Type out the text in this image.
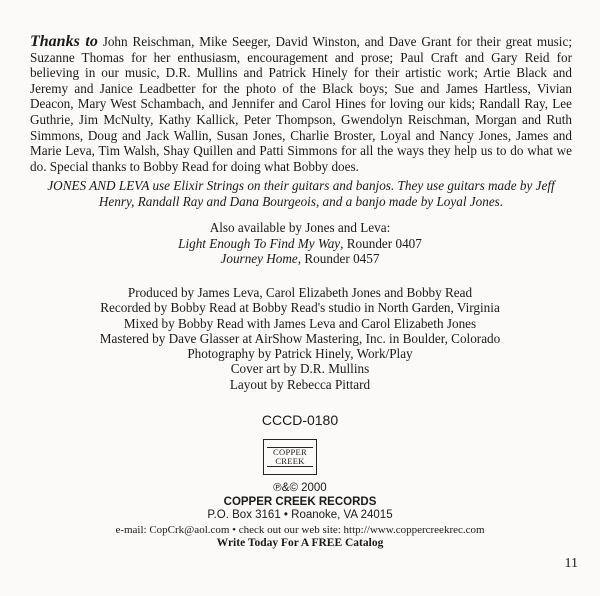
Thanks to John Reischman, Mike Seeger, David Winston, and Dave Grant for their great music; Suzanne Thomas for her enthusiasm, encouragement and prose; Paul Craft and Gary Reid for believing in our music, D.R. Mullins and Patrick Hinely for their artistic work; Artie Black and Jeremy and Janice Leadbetter for the photo of the Black boys; Sue and James Hartless, Vivian Deacon, Mary West Schambach, and Jennifer and Carol Hines for loving our kids; Randall Ray, Lee Guthrie, Jim McNulty, Kathy Kallick, Peter Thompson, Gwendolyn Reischman, Morgan and Ruth Simmons, Doug and Jack Wallin, Susan Jones, Charlie Broster, Loyal and Nancy Jones, James and Marie Leva, Tim Walsh, Shay Quillen and Patti Simmons for all the ways they help us to do what we do. Special thanks to Bobby Read for doing what Bobby does.

JONES AND LEVA use Elixir Strings on their guitars and banjos. They use guitars made by Jeff Henry, Randall Ray and Dana Bourgeois, and a banjo made by Loyal Jones.

Also available by Jones and Leva:
Light Enough To Find My Way, Rounder 0407
Journey Home, Rounder 0457
Produced by James Leva, Carol Elizabeth Jones and Bobby Read
Recorded by Bobby Read at Bobby Read's studio in North Garden, Virginia
Mixed by Bobby Read with James Leva and Carol Elizabeth Jones
Mastered by Dave Glasser at AirShow Mastering, Inc. in Boulder, Colorado
Photography by Patrick Hinely, Work/Play
Cover art by D.R. Mullins
Layout by Rebecca Pittard
CCCD-0180
COPPER
CREEK
℗&© 2000
COPPER CREEK RECORDS
P.O. Box 3161 • Roanoke, VA 24015
e-mail: CopCrk@aol.com • check out our web site: http://www.coppercreekrec.com
Write Today For A FREE Catalog
11
